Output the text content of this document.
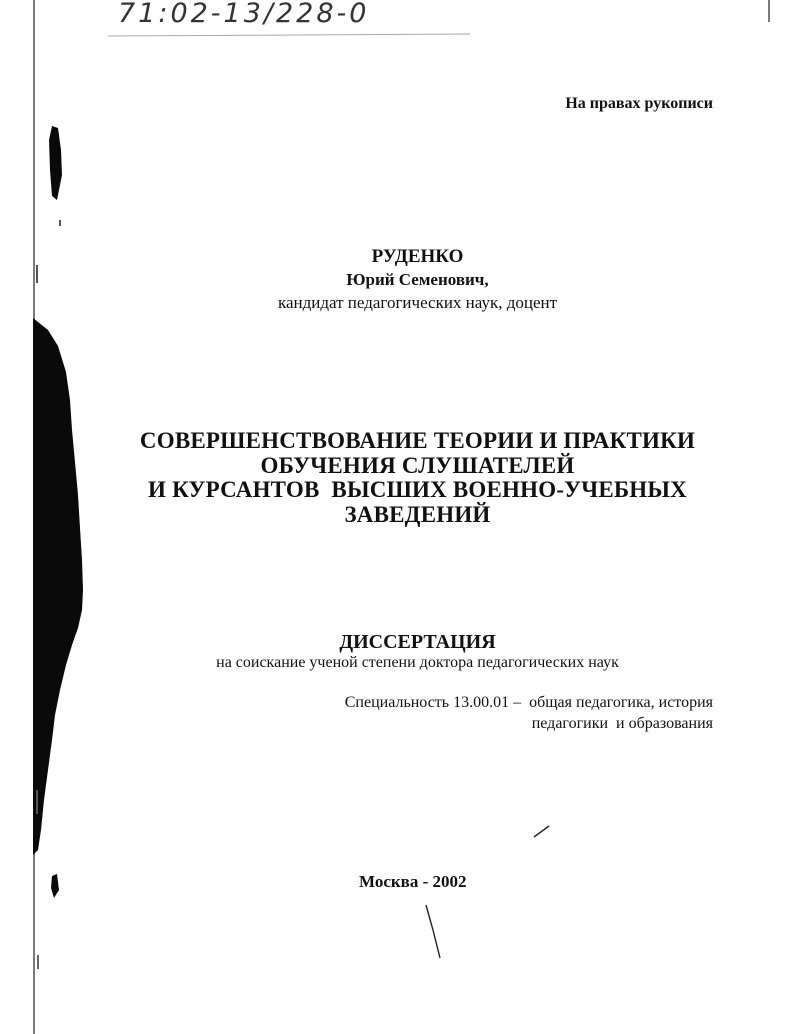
71:02-13/228-0
На правах рукописи
РУДЕНКО
Юрий Семенович,
кандидат педагогических наук, доцент
СОВЕРШЕНСТВОВАНИЕ ТЕОРИИ И ПРАКТИКИ
ОБУЧЕНИЯ СЛУШАТЕЛЕЙ
И КУРСАНТОВ  ВЫСШИХ ВОЕННО-УЧЕБНЫХ
ЗАВЕДЕНИЙ
ДИССЕРТАЦИЯ
на соискание ученой степени доктора педагогических наук
Специальность 13.00.01 –  общая педагогика, история
педагогики  и образования
Москва - 2002
